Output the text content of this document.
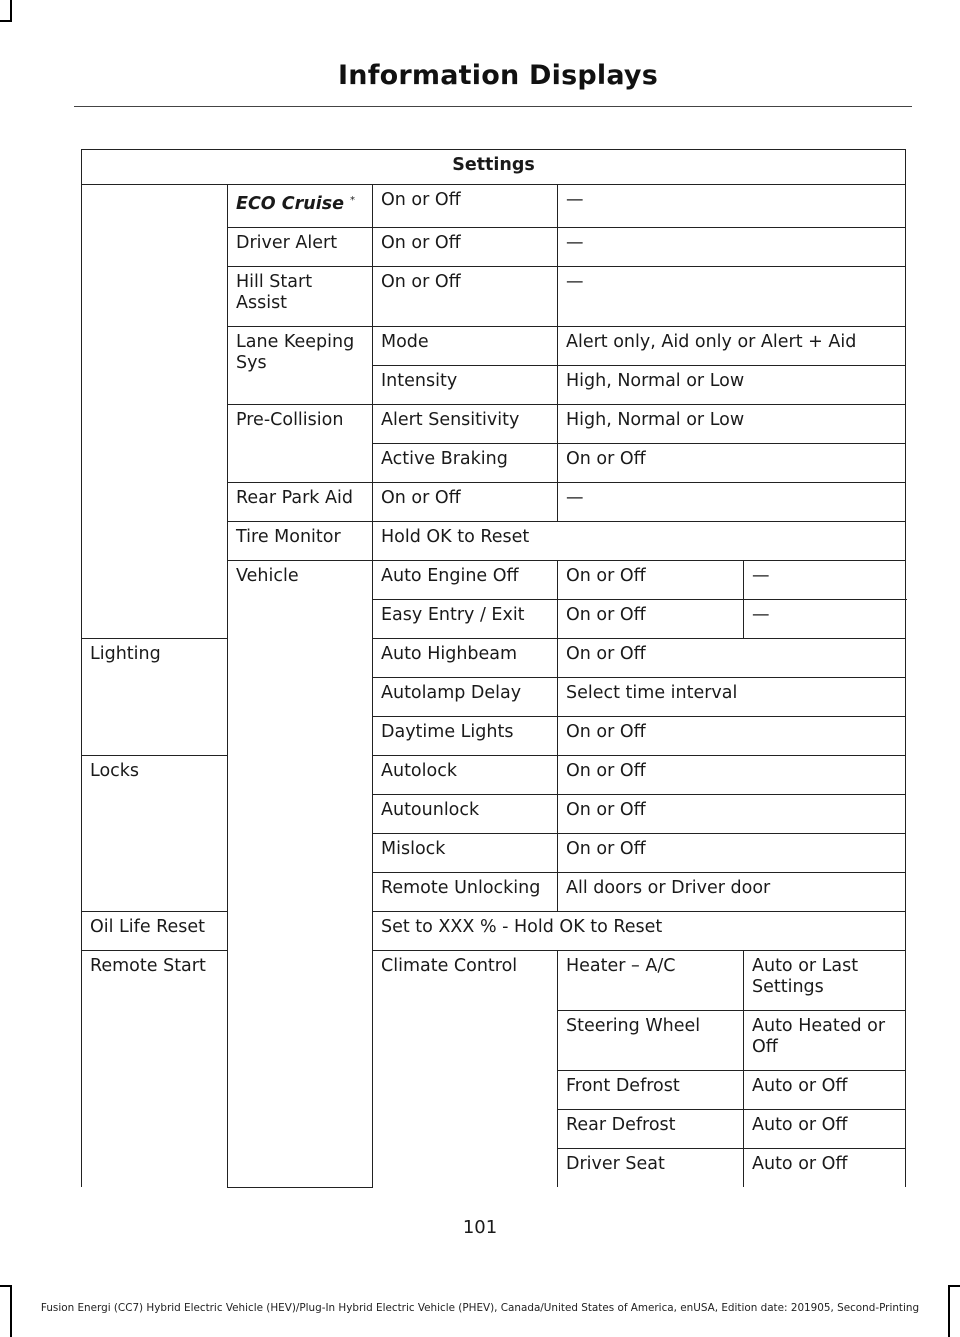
Information Displays
Settings				
	ECO Cruise *	On or Off	—	
	Driver Alert	On or Off	—	
	Hill Start Assist	On or Off	—	
	Lane Keeping Sys	Mode	Alert only, Aid only or Alert + Aid	
		Intensity	High, Normal or Low	
	Pre-Collision	Alert Sensitivity	High, Normal or Low	
		Active Braking	On or Off	
	Rear Park Aid	On or Off	—	
	Tire Monitor	Hold OK to Reset		
	Vehicle	Auto Engine Off	On or Off	—
		Easy Entry / Exit	On or Off	—
Lighting		Auto Highbeam	On or Off	
		Autolamp Delay	Select time interval	
		Daytime Lights	On or Off	
Locks		Autolock	On or Off	
		Autounlock	On or Off	
		Mislock	On or Off	
		Remote Unlocking	All doors or Driver door	
Oil Life Reset		Set to XXX % - Hold OK to Reset		
Remote Start		Climate Control	Heater – A/C	Auto or Last Settings
			Steering Wheel	Auto Heated or Off
			Front Defrost	Auto or Off
			Rear Defrost	Auto or Off
			Driver Seat	Auto or Off
101
Fusion Energi (CC7) Hybrid Electric Vehicle (HEV)/Plug-In Hybrid Electric Vehicle (PHEV), Canada/United States of America, enUSA, Edition date: 201905, Second-Printing
